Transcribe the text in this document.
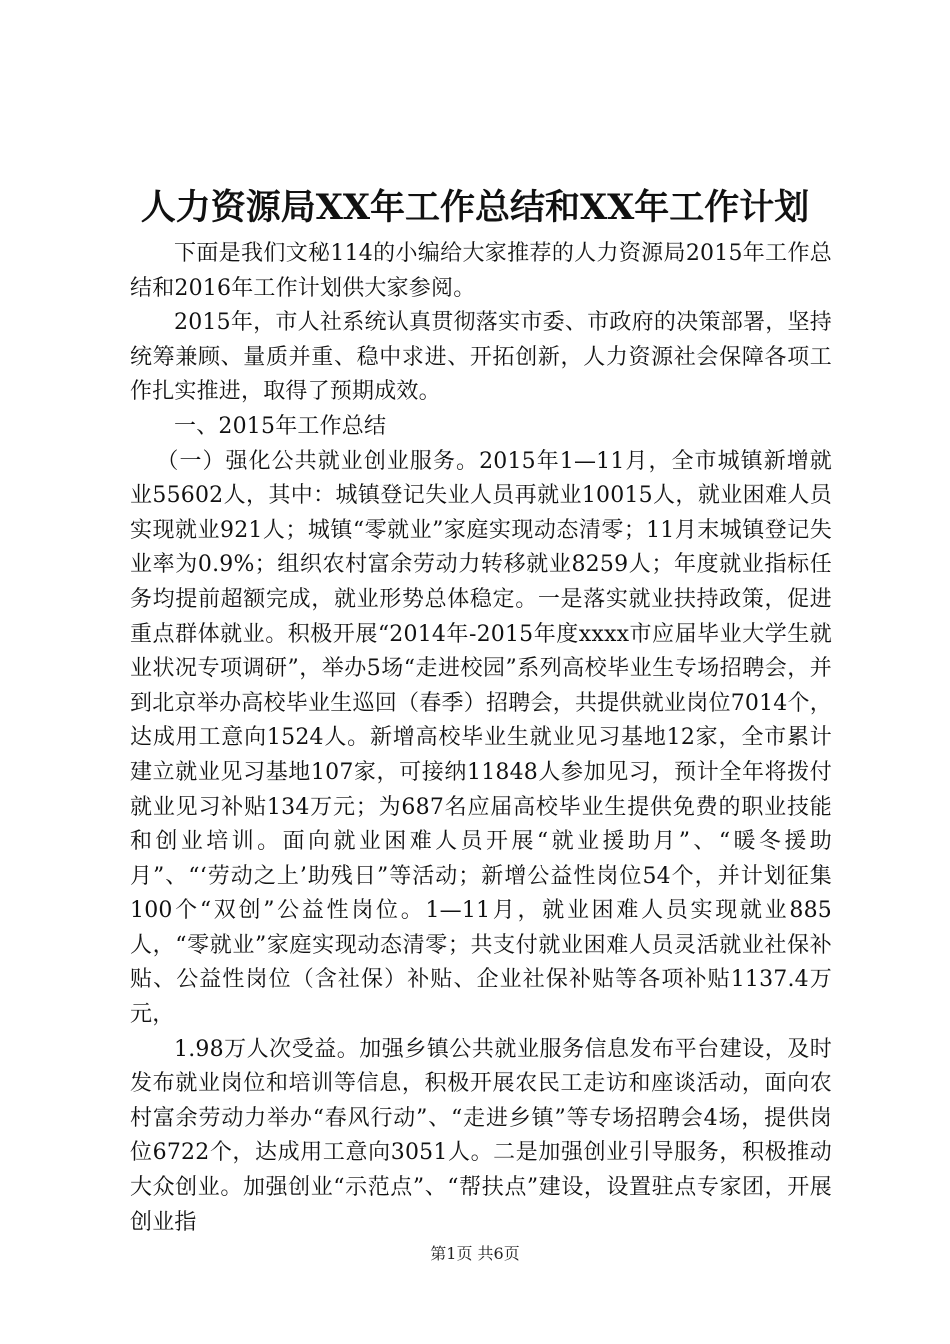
人力资源局XX年工作总结和XX年工作计划

下面是我们文秘114的小编给大家推荐的人力资源局2015年工作总结和2016年工作计划供大家参阅。

2015年，市人社系统认真贯彻落实市委、市政府的决策部署，坚持统筹兼顾、量质并重、稳中求进、开拓创新，人力资源社会保障各项工作扎实推进，取得了预期成效。

一、2015年工作总结

（一）强化公共就业创业服务。2015年1—11月，全市城镇新增就业55602人，其中：城镇登记失业人员再就业10015人，就业困难人员实现就业921人；城镇“零就业”家庭实现动态清零；11月末城镇登记失业率为0.9%；组织农村富余劳动力转移就业8259人；年度就业指标任务均提前超额完成，就业形势总体稳定。一是落实就业扶持政策，促进重点群体就业。积极开展“2014年-2015年度xxxx市应届毕业大学生就业状况专项调研”，举办5场“走进校园”系列高校毕业生专场招聘会，并到北京举办高校毕业生巡回（春季）招聘会，共提供就业岗位7014个，达成用工意向1524人。新增高校毕业生就业见习基地12家，全市累计建立就业见习基地107家，可接纳11848人参加见习，预计全年将拨付就业见习补贴134万元；为687名应届高校毕业生提供免费的职业技能和创业培训。面向就业困难人员开展“就业援助月”、“暖冬援助月”、“‘劳动之上’助残日”等活动；新增公益性岗位54个，并计划征集100个“双创”公益性岗位。1—11月，就业困难人员实现就业885人，“零就业”家庭实现动态清零；共支付就业困难人员灵活就业社保补贴、公益性岗位（含社保）补贴、企业社保补贴等各项补贴1137.4万元，

1.98万人次受益。加强乡镇公共就业服务信息发布平台建设，及时发布就业岗位和培训等信息，积极开展农民工走访和座谈活动，面向农村富余劳动力举办“春风行动”、“走进乡镇”等专场招聘会4场，提供岗位6722个，达成用工意向3051人。二是加强创业引导服务，积极推动大众创业。加强创业“示范点”、“帮扶点”建设，设置驻点专家团，开展创业指

第1页 共6页
